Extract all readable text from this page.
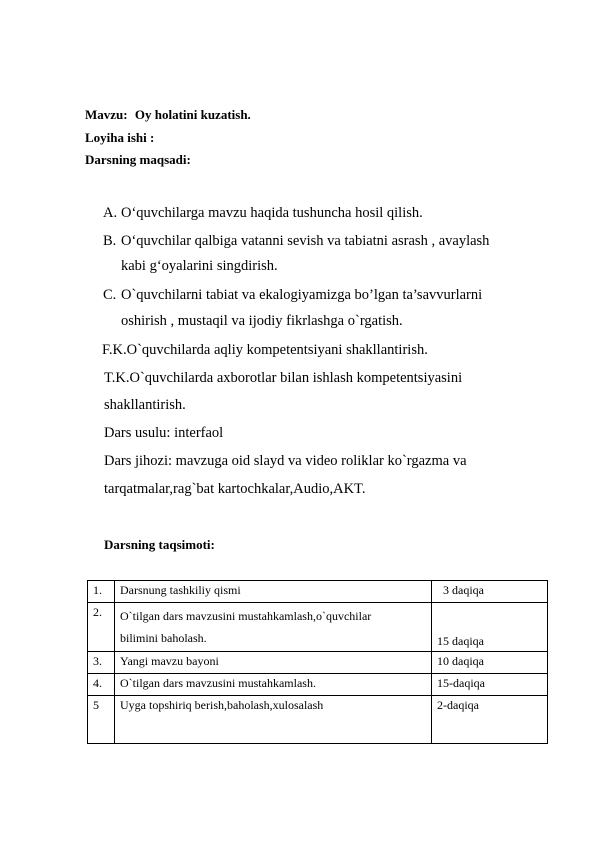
Mavzu: Oy holatini kuzatish.
Loyiha ishi :
Darsning maqsadi:
A. O‘quvchilarga mavzu haqida tushuncha hosil qilish.
B. O‘quvchilar qalbiga vatanni sevish va tabiatni asrash , avaylash
kabi g‘oyalarini singdirish.
C. O`quvchilarni tabiat va ekalogiyamizga bo’lgan ta’savvurlarni
oshirish , mustaqil va ijodiy fikrlashga o`rgatish.
F.K.O`quvchilarda aqliy kompetentsiyani shakllantirish.
T.K.O`quvchilarda axborotlar bilan ishlash kompetentsiyasini
shakllantirish.
Dars usulu: interfaol
Dars jihozi: mavzuga oid slayd va video roliklar ko`rgazma va
tarqatmalar,rag`bat kartochkalar,Audio,AKT.
Darsning taqsimoti:
1.	Darsnung tashkiliy qismi	3 daqiqa
2.	O`tilgan dars mavzusini mustahkamlash,o`quvchilar
bilimini baholash.	15 daqiqa
3.	Yangi mavzu bayoni	10 daqiqa
4.	O`tilgan dars mavzusini mustahkamlash.	15-daqiqa
5	Uyga topshiriq berish,baholash,xulosalash	2-daqiqa
